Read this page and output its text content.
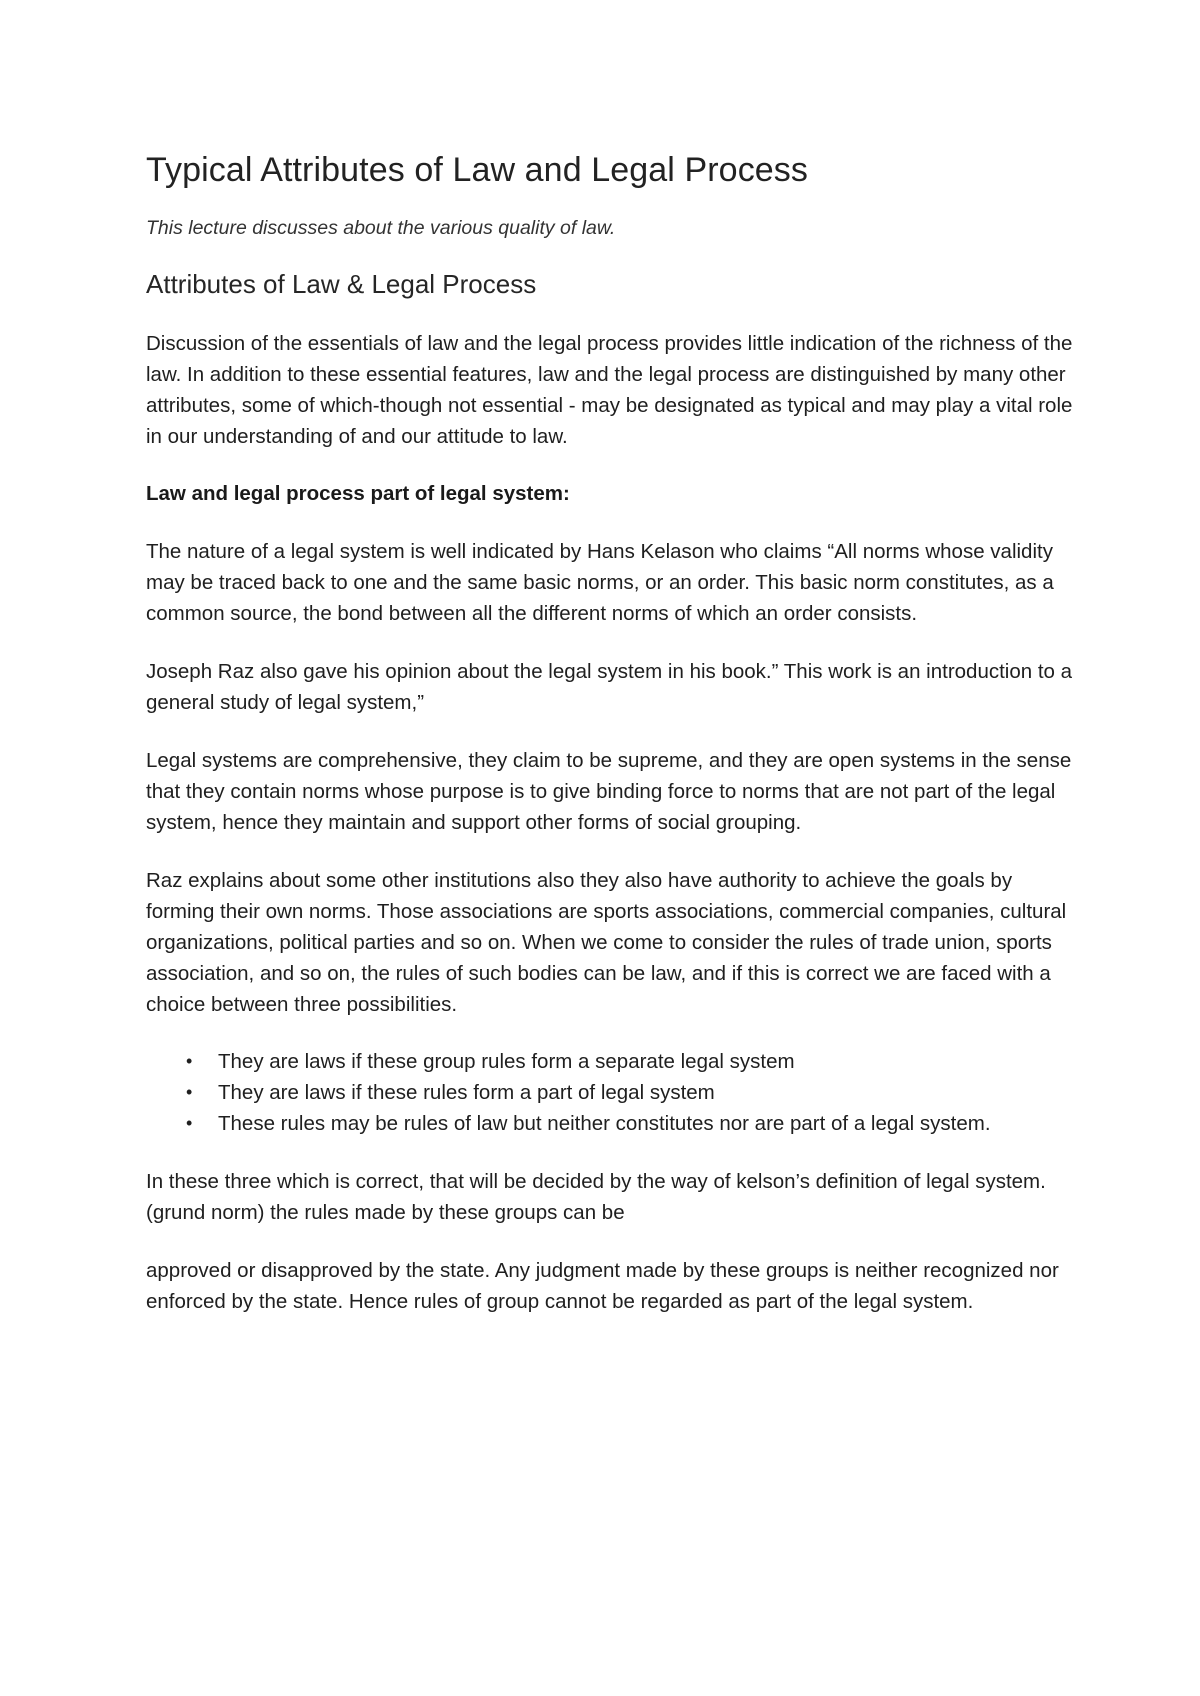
Typical Attributes of Law and Legal Process

This lecture discusses about the various quality of law.

Attributes of Law & Legal Process

Discussion of the essentials of law and the legal process provides little indication of the richness of the law. In addition to these essential features, law and the legal process are distinguished by many other attributes, some of which-though not essential - may be designated as typical and may play a vital role in our understanding of and our attitude to law.

Law and legal process part of legal system:

The nature of a legal system is well indicated by Hans Kelason who claims “All norms whose validity may be traced back to one and the same basic norms, or an order. This basic norm constitutes, as a common source, the bond between all the different norms of which an order consists.

Joseph Raz also gave his opinion about the legal system in his book.” This work is an introduction to a general study of legal system,”

Legal systems are comprehensive, they claim to be supreme, and they are open systems in the sense that they contain norms whose purpose is to give binding force to norms that are not part of the legal system, hence they maintain and support other forms of social grouping.

Raz explains about some other institutions also they also have authority to achieve the goals by forming their own norms. Those associations are sports associations, commercial companies, cultural organizations, political parties and so on. When we come to consider the rules of trade union, sports association, and so on, the rules of such bodies can be law, and if this is correct we are faced with a choice between three possibilities.

• They are laws if these group rules form a separate legal system
• They are laws if these rules form a part of legal system
• These rules may be rules of law but neither constitutes nor are part of a legal system.

In these three which is correct, that will be decided by the way of kelson’s definition of legal system. (grund norm) the rules made by these groups can be

approved or disapproved by the state. Any judgment made by these groups is neither recognized nor enforced by the state. Hence rules of group cannot be regarded as part of the legal system.
